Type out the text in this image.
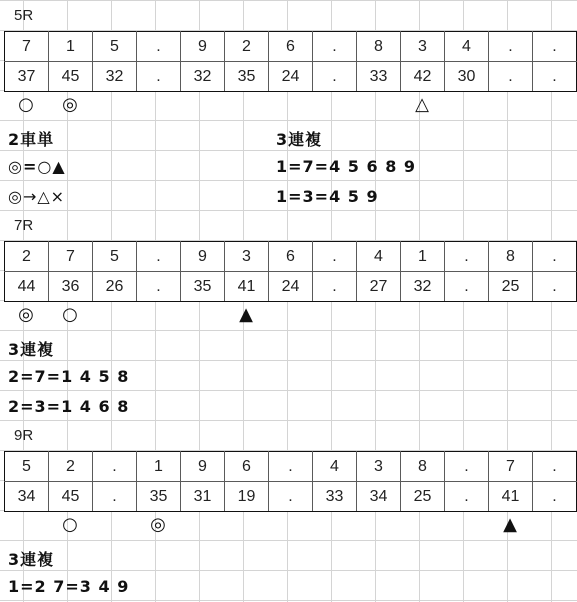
5R
7	1	5	.	9	2	6	.	8	3	4	.	.
37	45	32	.	32	35	24	.	33	42	30	.	.
○	◎	△
2車単
◎=○▲
◎→△×
3連複
1=7=4 5 6 8 9
1=3=4 5 9
7R
2	7	5	.	9	3	6	.	4	1	.	8	.
44	36	26	.	35	41	24	.	27	32	.	25	.
◎	○	▲
3連複
2=7=1 4 5 8
2=3=1 4 6 8
9R
5	2	.	1	9	6	.	4	3	8	.	7	.
34	45	.	35	31	19	.	33	34	25	.	41	.
○	◎	▲
3連複
1=2 7=3 4 9
